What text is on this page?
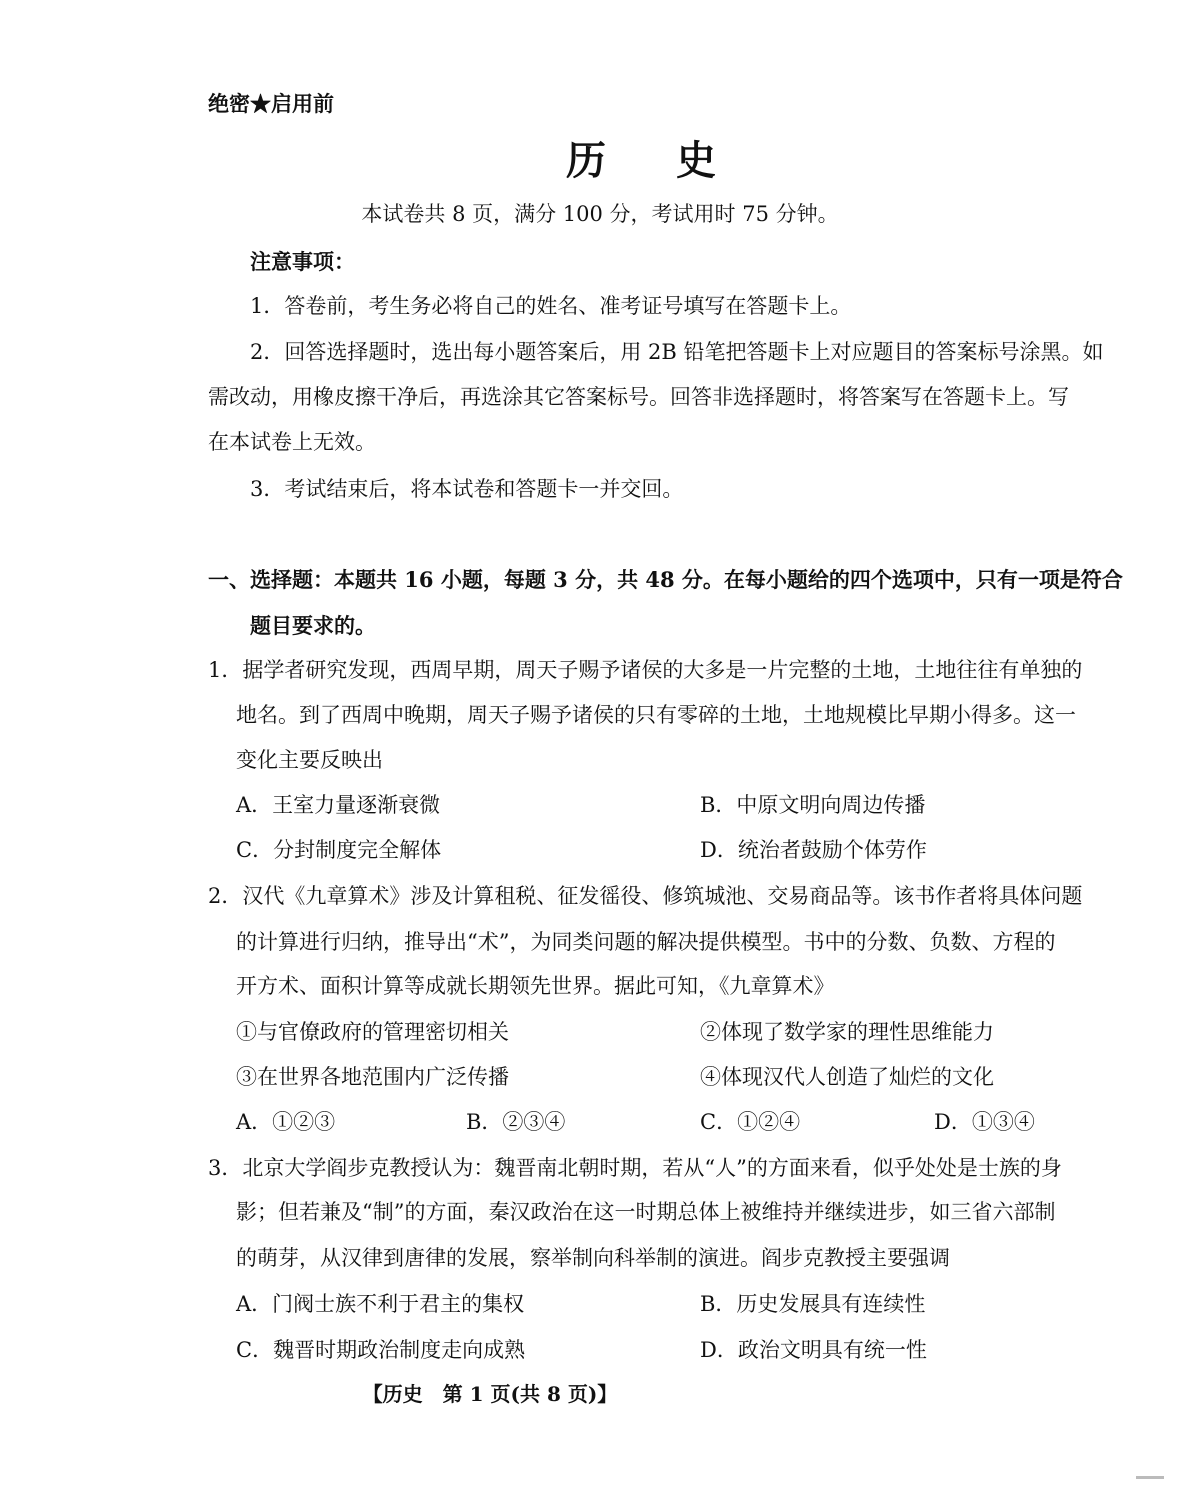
绝密★启用前
历 史
本试卷共 8 页，满分 100 分，考试用时 75 分钟。
注意事项：
1．答卷前，考生务必将自己的姓名、准考证号填写在答题卡上。
2．回答选择题时，选出每小题答案后，用 2B 铅笔把答题卡上对应题目的答案标号涂黑。如
需改动，用橡皮擦干净后，再选涂其它答案标号。回答非选择题时，将答案写在答题卡上。写
在本试卷上无效。
3．考试结束后，将本试卷和答题卡一并交回。
一、选择题：本题共 16 小题，每题 3 分，共 48 分。在每小题给的四个选项中，只有一项是符合
题目要求的。
1．据学者研究发现，西周早期，周天子赐予诸侯的大多是一片完整的土地，土地往往有单独的
地名。到了西周中晚期，周天子赐予诸侯的只有零碎的土地，土地规模比早期小得多。这一
变化主要反映出
A．王室力量逐渐衰微	B．中原文明向周边传播
C．分封制度完全解体	D．统治者鼓励个体劳作
2．汉代《九章算术》涉及计算租税、征发徭役、修筑城池、交易商品等。该书作者将具体问题
的计算进行归纳，推导出“术”，为同类问题的解决提供模型。书中的分数、负数、方程的
开方术、面积计算等成就长期领先世界。据此可知，《九章算术》
①与官僚政府的管理密切相关	②体现了数学家的理性思维能力
③在世界各地范围内广泛传播	④体现汉代人创造了灿烂的文化
A．①②③	B．②③④	C．①②④	D．①③④
3．北京大学阎步克教授认为：魏晋南北朝时期，若从“人”的方面来看，似乎处处是士族的身
影；但若兼及“制”的方面，秦汉政治在这一时期总体上被维持并继续进步，如三省六部制
的萌芽，从汉律到唐律的发展，察举制向科举制的演进。阎步克教授主要强调
A．门阀士族不利于君主的集权	B．历史发展具有连续性
C．魏晋时期政治制度走向成熟	D．政治文明具有统一性
【历史　第 1 页(共 8 页)】
